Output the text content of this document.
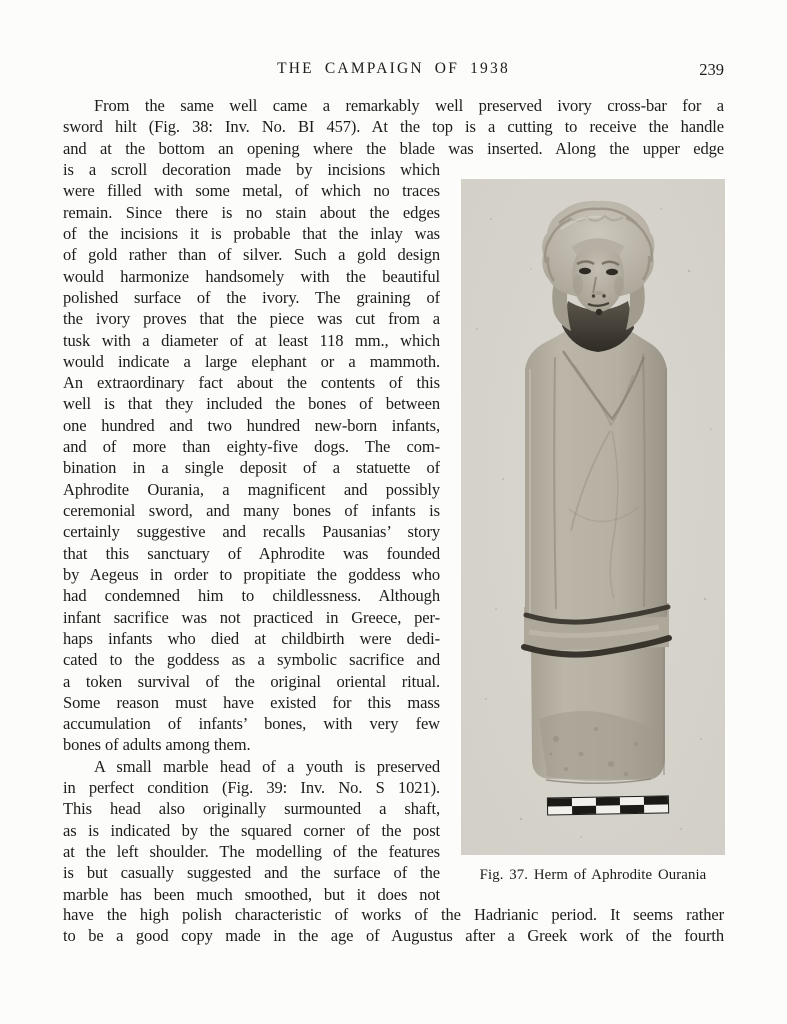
THE CAMPAIGN OF 1938	239
From the same well came a remarkably well preserved ivory cross-bar for a
sword hilt (Fig. 38: Inv. No. BI 457). At the top is a cutting to receive the handle
and at the bottom an opening where the blade was inserted. Along the upper edge
is a scroll decoration made by incisions which
were filled with some metal, of which no traces
remain. Since there is no stain about the edges
of the incisions it is probable that the inlay was
of gold rather than of silver. Such a gold design
would harmonize handsomely with the beautiful
polished surface of the ivory. The graining of
the ivory proves that the piece was cut from a
tusk with a diameter of at least 118 mm., which
would indicate a large elephant or a mammoth.
An extraordinary fact about the contents of this
well is that they included the bones of between
one hundred and two hundred new-born infants,
and of more than eighty-five dogs. The com-
bination in a single deposit of a statuette of
Aphrodite Ourania, a magnificent and possibly
ceremonial sword, and many bones of infants is
certainly suggestive and recalls Pausanias’ story
that this sanctuary of Aphrodite was founded
by Aegeus in order to propitiate the goddess who
had condemned him to childlessness. Although
infant sacrifice was not practiced in Greece, per-
haps infants who died at childbirth were dedi-
cated to the goddess as a symbolic sacrifice and
a token survival of the original oriental ritual.
Some reason must have existed for this mass
accumulation of infants’ bones, with very few
bones of adults among them.
A small marble head of a youth is preserved
in perfect condition (Fig. 39: Inv. No. S 1021).
This head also originally surmounted a shaft,
as is indicated by the squared corner of the post
at the left shoulder. The modelling of the features
is but casually suggested and the surface of the
marble has been much smoothed, but it does not
Fig. 37. Herm of Aphrodite Ourania
have the high polish characteristic of works of the Hadrianic period. It seems rather
to be a good copy made in the age of Augustus after a Greek work of the fourth
